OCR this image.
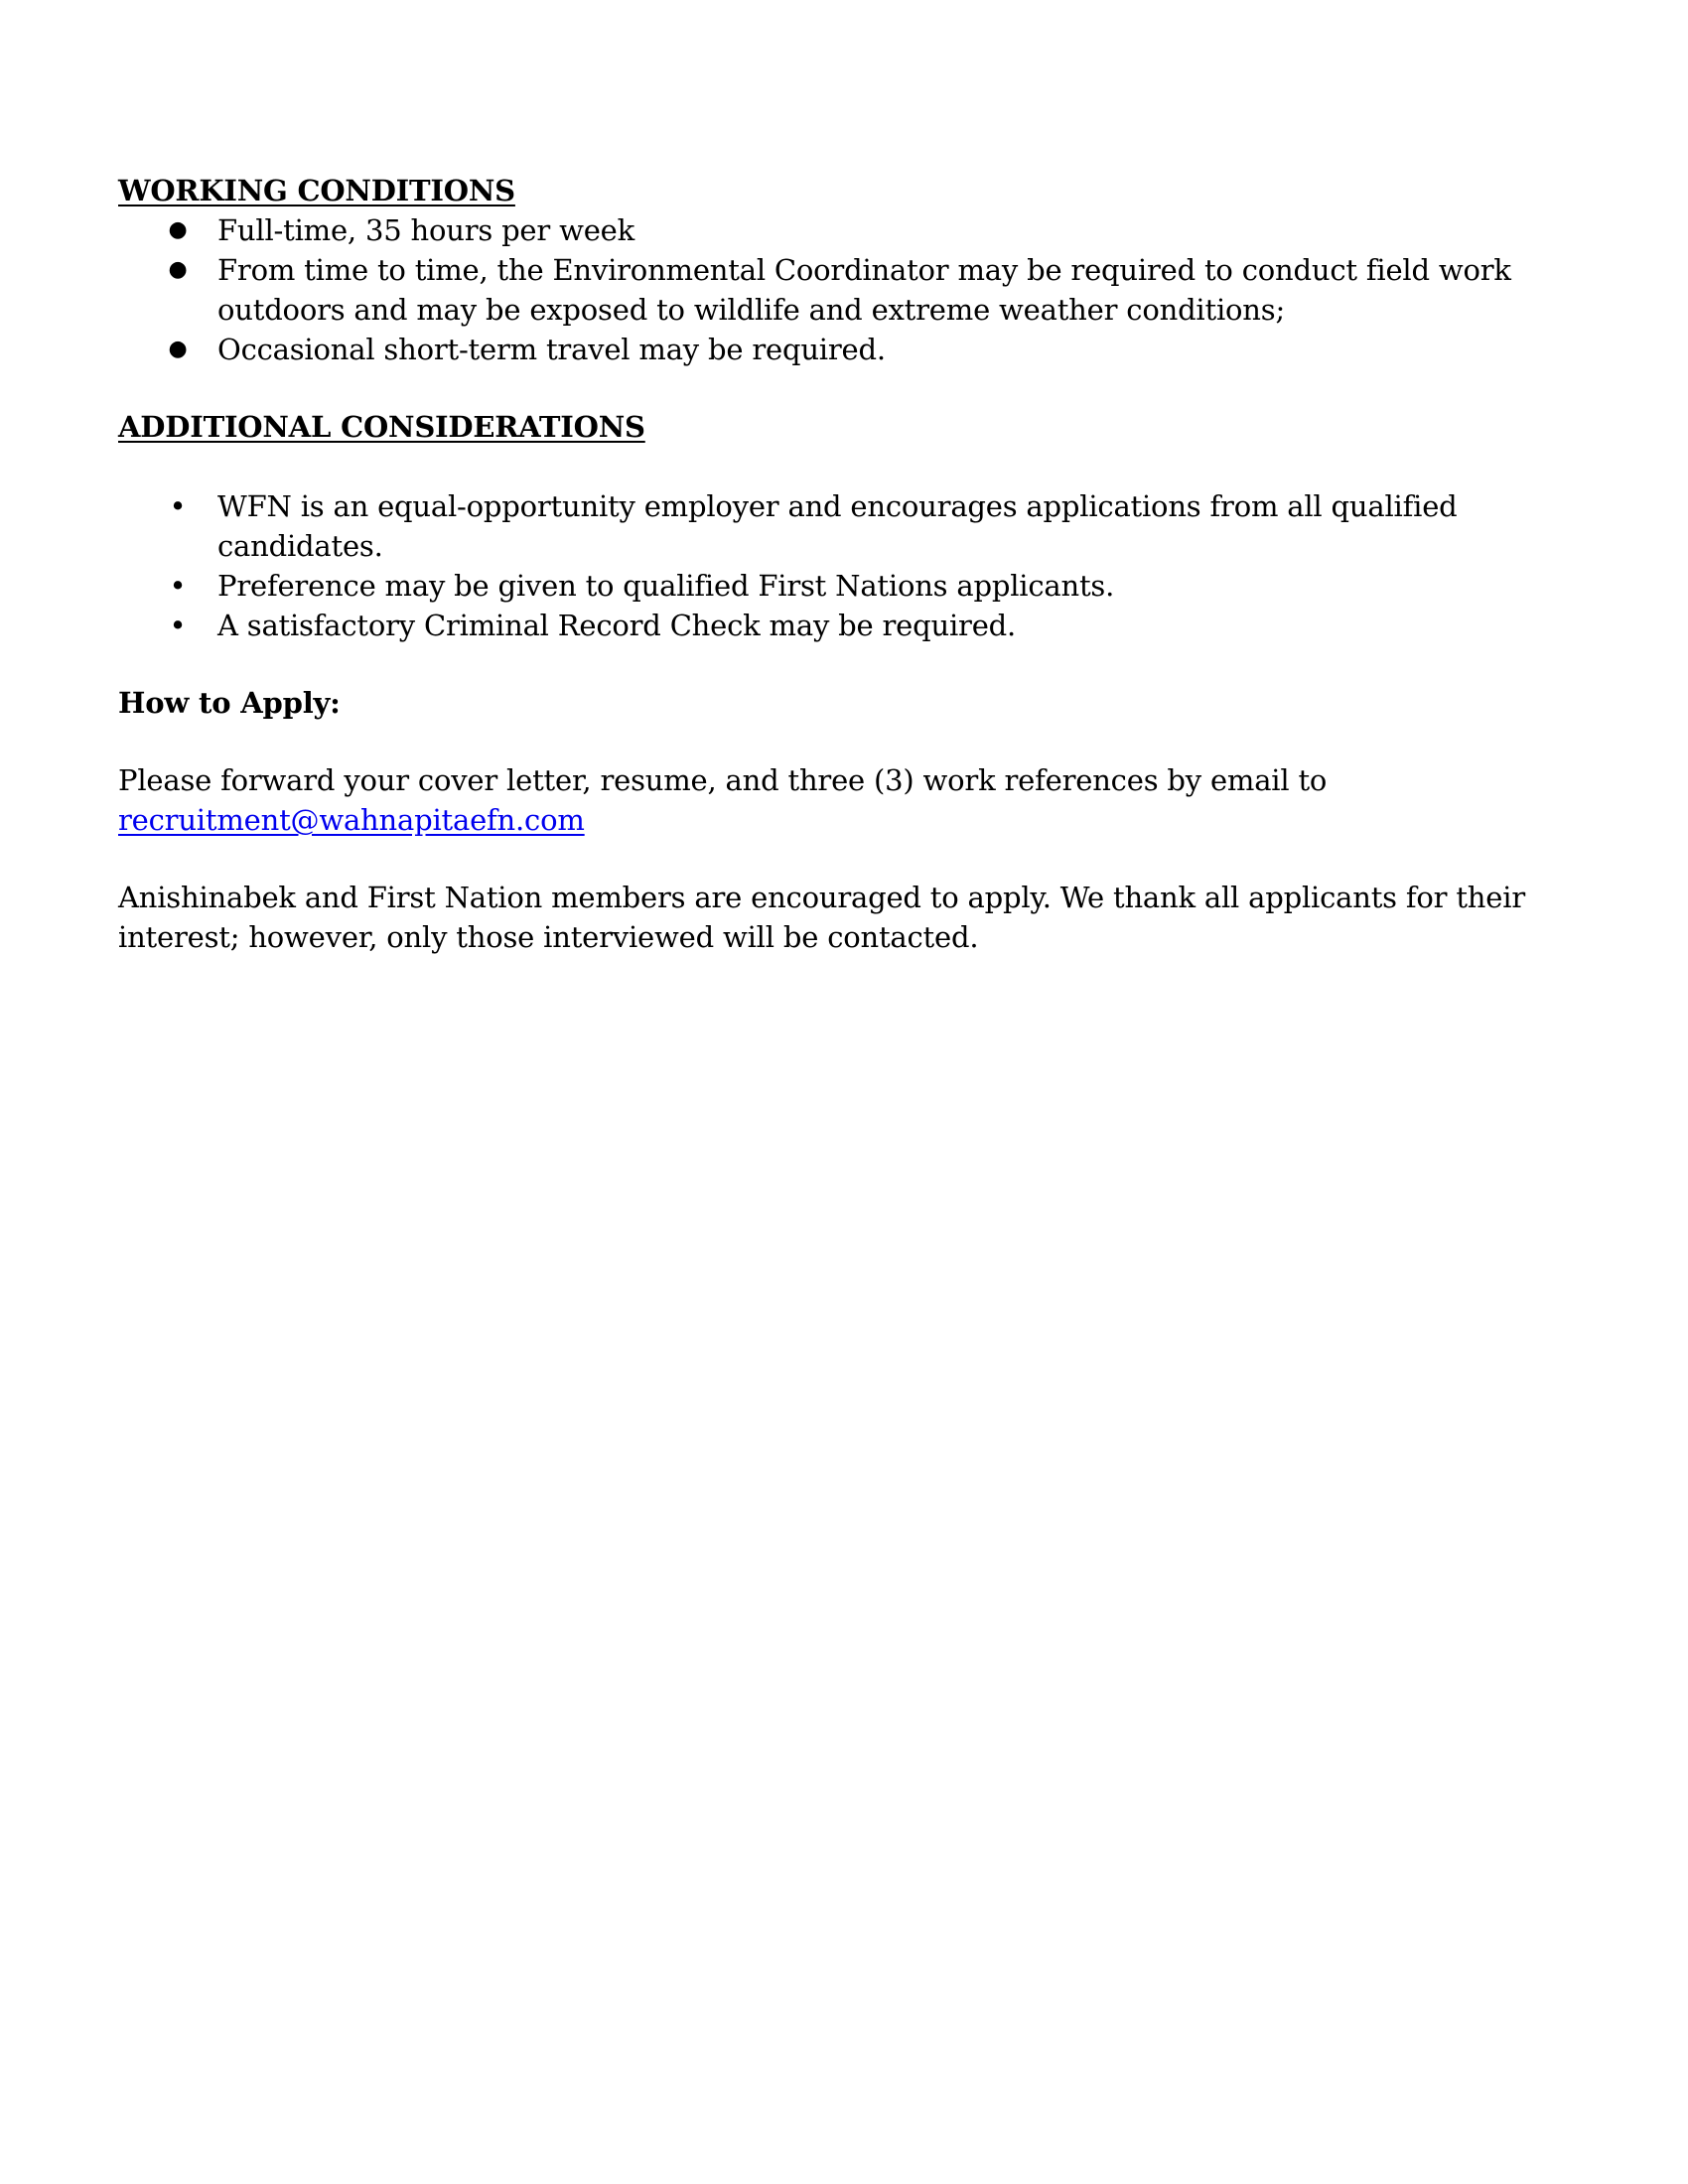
WORKING CONDITIONS
● Full-time, 35 hours per week
● From time to time, the Environmental Coordinator may be required to conduct field work outdoors and may be exposed to wildlife and extreme weather conditions;
● Occasional short-term travel may be required.
ADDITIONAL CONSIDERATIONS
• WFN is an equal-opportunity employer and encourages applications from all qualified candidates.
• Preference may be given to qualified First Nations applicants.
• A satisfactory Criminal Record Check may be required.
How to Apply:

Please forward your cover letter, resume, and three (3) work references by email to
recruitment@wahnapitaefn.com

Anishinabek and First Nation members are encouraged to apply. We thank all applicants for their interest; however, only those interviewed will be contacted.
